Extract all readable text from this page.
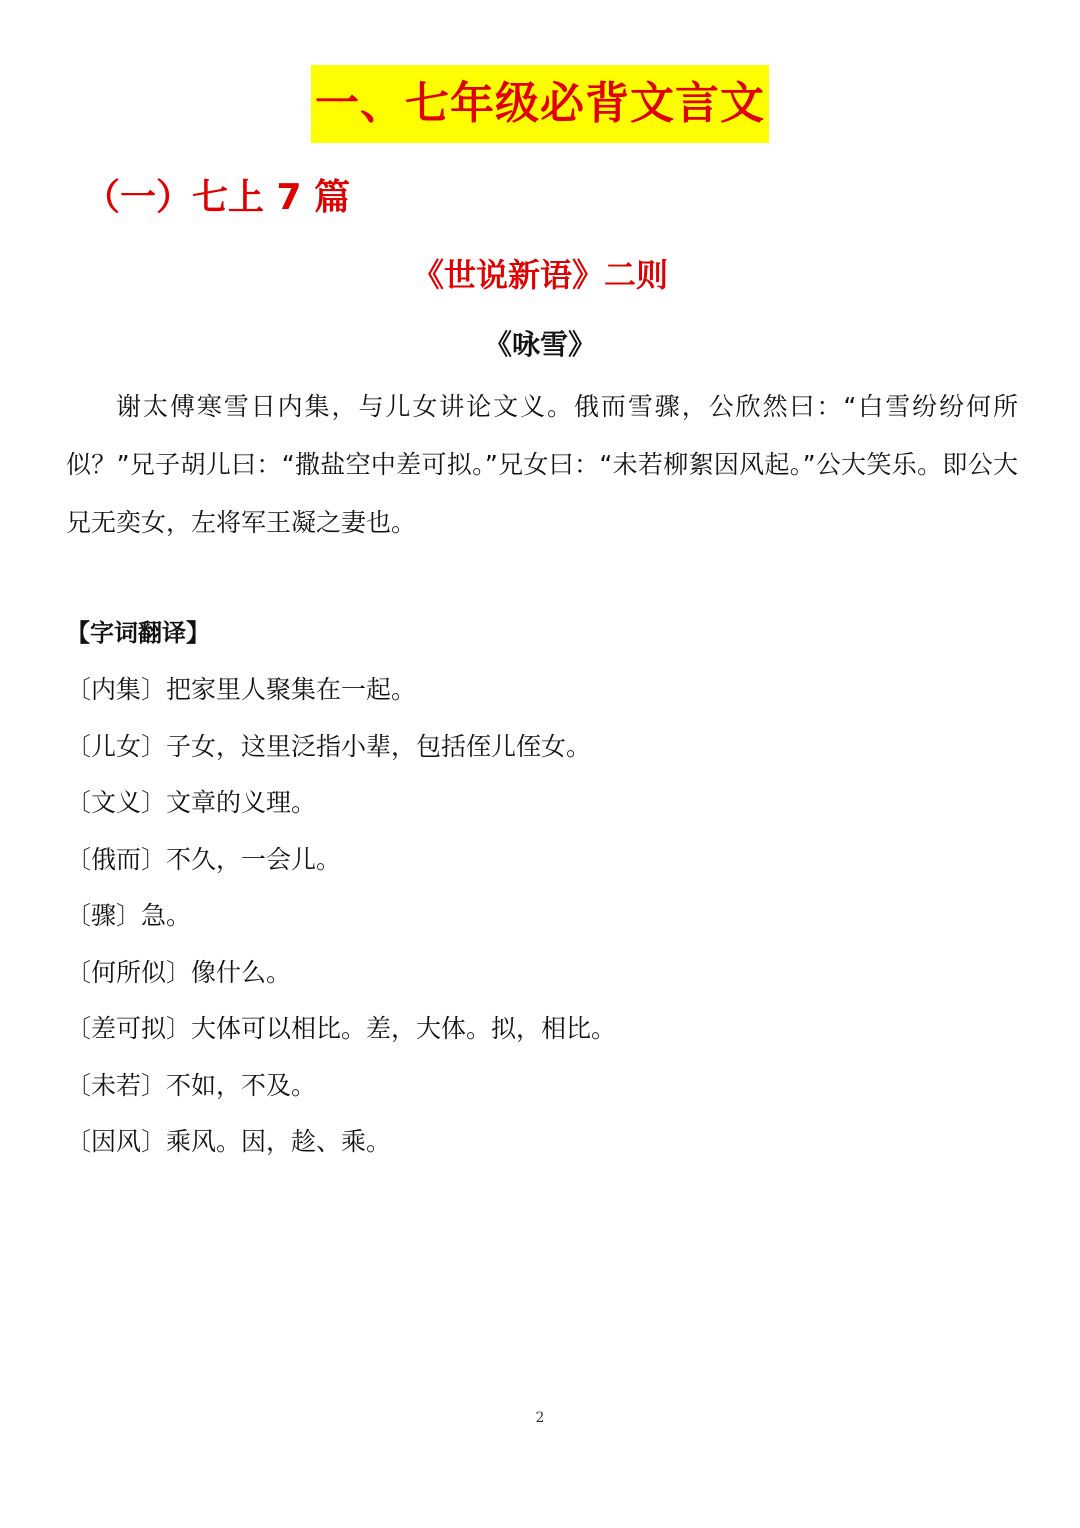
一、七年级必背文言文
（一）七上 7 篇
《世说新语》二则
《咏雪》

谢太傅寒雪日内集，与儿女讲论文义。俄而雪骤，公欣然曰：“白雪纷纷何所似？”兄子胡儿曰：“撒盐空中差可拟。”兄女曰：“未若柳絮因风起。”公大笑乐。即公大兄无奕女，左将军王凝之妻也。

【字词翻译】
〔内集〕把家里人聚集在一起。
〔儿女〕子女，这里泛指小辈，包括侄儿侄女。
〔文义〕文章的义理。
〔俄而〕不久，一会儿。
〔骤〕急。
〔何所似〕像什么。
〔差可拟〕大体可以相比。差，大体。拟，相比。
〔未若〕不如，不及。
〔因风〕乘风。因，趁、乘。
2
